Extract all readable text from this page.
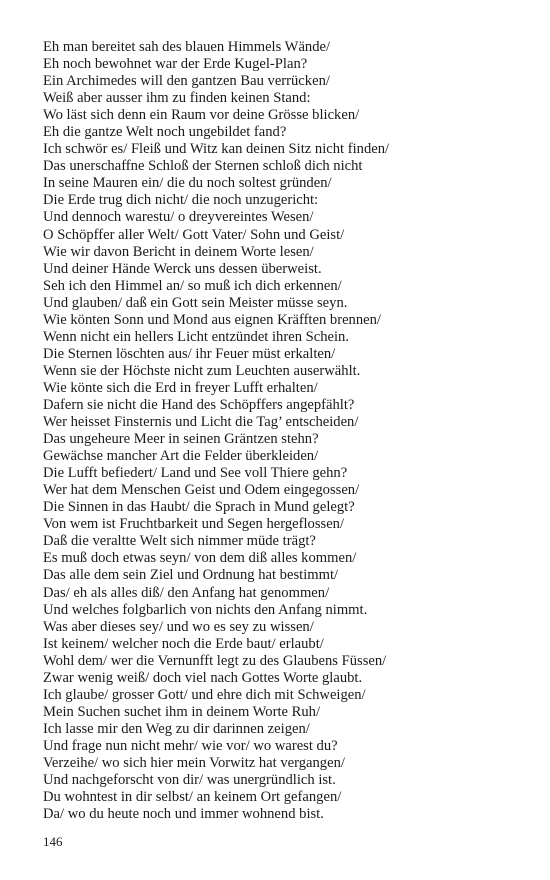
Eh man bereitet sah des blauen Himmels Wände/
Eh noch bewohnet war der Erde Kugel-Plan?
Ein Archimedes will den gantzen Bau verrücken/
Weiß aber ausser ihm zu finden keinen Stand:
Wo läst sich denn ein Raum vor deine Grösse blicken/
Eh die gantze Welt noch ungebildet fand?
Ich schwör es/ Fleiß und Witz kan deinen Sitz nicht finden/
Das unerschaffne Schloß der Sternen schloß dich nicht
In seine Mauren ein/ die du noch soltest gründen/
Die Erde trug dich nicht/ die noch unzugericht:
Und dennoch warestu/ o dreyvereintes Wesen/
O Schöpffer aller Welt/ Gott Vater/ Sohn und Geist/
Wie wir davon Bericht in deinem Worte lesen/
Und deiner Hände Werck uns dessen überweist.
Seh ich den Himmel an/ so muß ich dich erkennen/
Und glauben/ daß ein Gott sein Meister müsse seyn.
Wie könten Sonn und Mond aus eignen Kräfften brennen/
Wenn nicht ein hellers Licht entzündet ihren Schein.
Die Sternen löschten aus/ ihr Feuer müst erkalten/
Wenn sie der Höchste nicht zum Leuchten auserwählt.
Wie könte sich die Erd in freyer Lufft erhalten/
Dafern sie nicht die Hand des Schöpffers angepfählt?
Wer heisset Finsternis und Licht die Tag’ entscheiden/
Das ungeheure Meer in seinen Gräntzen stehn?
Gewächse mancher Art die Felder überkleiden/
Die Lufft befiedert/ Land und See voll Thiere gehn?
Wer hat dem Menschen Geist und Odem eingegossen/
Die Sinnen in das Haubt/ die Sprach in Mund gelegt?
Von wem ist Fruchtbarkeit und Segen hergeflossen/
Daß die veraltte Welt sich nimmer müde trägt?
Es muß doch etwas seyn/ von dem diß alles kommen/
Das alle dem sein Ziel und Ordnung hat bestimmt/
Das/ eh als alles diß/ den Anfang hat genommen/
Und welches folgbarlich von nichts den Anfang nimmt.
Was aber dieses sey/ und wo es sey zu wissen/
Ist keinem/ welcher noch die Erde baut/ erlaubt/
Wohl dem/ wer die Vernunfft legt zu des Glaubens Füssen/
Zwar wenig weiß/ doch viel nach Gottes Worte glaubt.
Ich glaube/ grosser Gott/ und ehre dich mit Schweigen/
Mein Suchen suchet ihm in deinem Worte Ruh/
Ich lasse mir den Weg zu dir darinnen zeigen/
Und frage nun nicht mehr/ wie vor/ wo warest du?
Verzeihe/ wo sich hier mein Vorwitz hat vergangen/
Und nachgeforscht von dir/ was unergründlich ist.
Du wohntest in dir selbst/ an keinem Ort gefangen/
Da/ wo du heute noch und immer wohnend bist.
146
